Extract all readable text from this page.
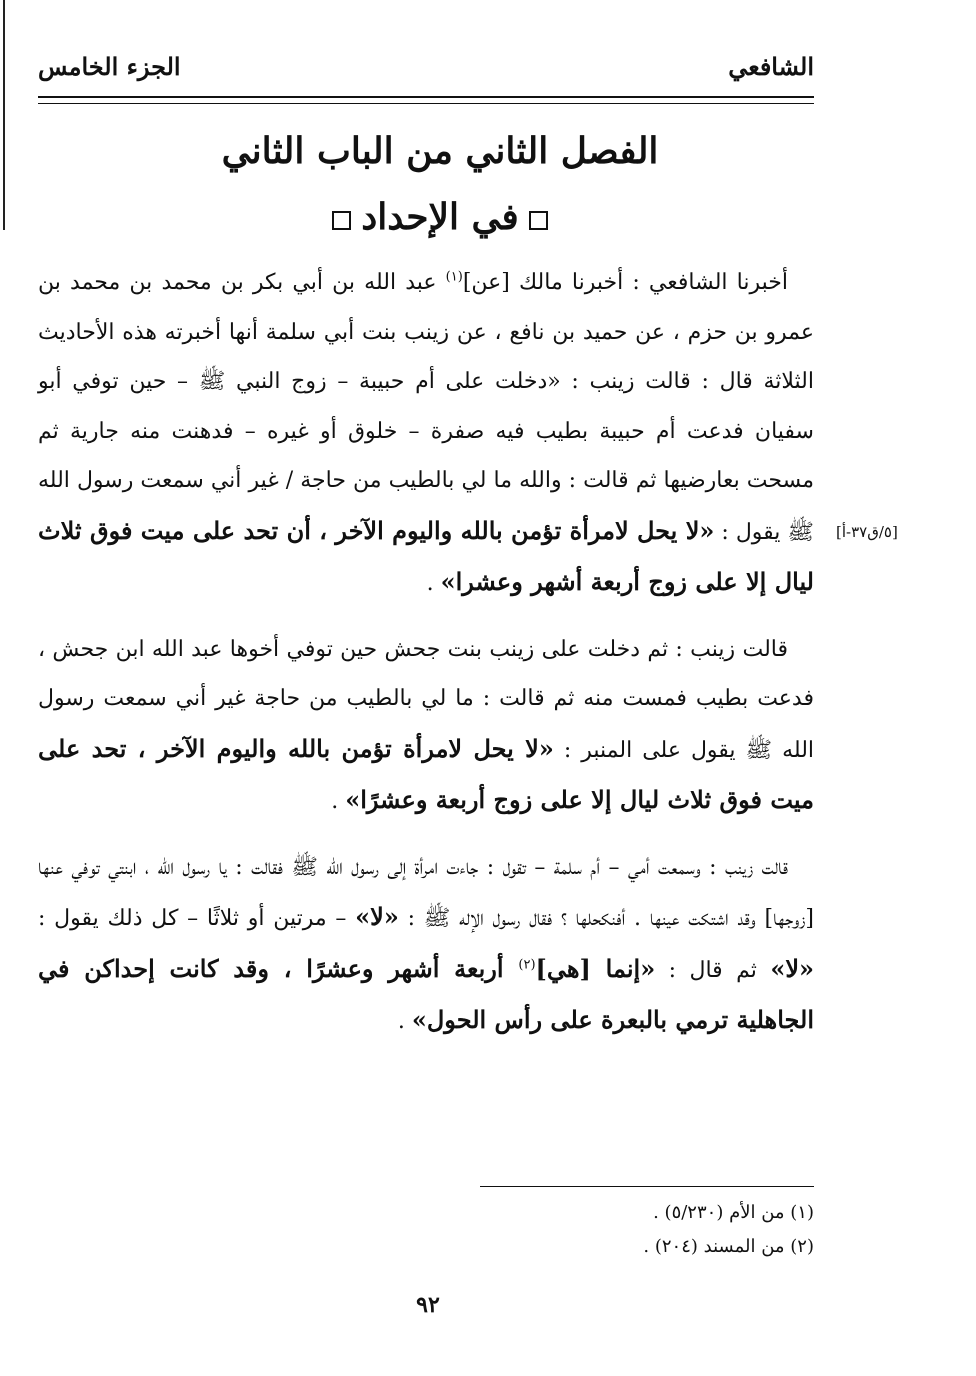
الشافعي
الجزء الخامس
الفصل الثاني من الباب الثاني
في الإحداد

أخبرنا الشافعي : أخبرنا مالك [عن]$^{(١)}$ عبد الله بن أبي بكر بن محمد بن محمد بن عمرو بن حزم ، عن حميد بن نافع ، عن زينب بنت أبي سلمة أنها أخبرته هذه الأحاديث الثلاثة قال : قالت زينب : «دخلت على أم حبيبة – زوج النبي ﷺ – حين توفي أبو سفيان فدعت أم حبيبة بطيب فيه صفرة – خلوق أو غيره – فدهنت منه جارية ثم مسحت بعارضيها ثم قالت : والله ما لي بالطيب من حاجة / غير أني سمعت رسول الله ﷺ يقول : «لا يحل لامرأة تؤمن بالله واليوم الآخر ، أن تحد على ميت فوق ثلاث ليال إلا على زوج أربعة أشهر وعشرا» .

قالت زينب : ثم دخلت على زينب بنت جحش حين توفي أخوها عبد الله ابن جحش ، فدعت بطيب فمست منه ثم قالت : ما لي بالطيب من حاجة غير أني سمعت رسول الله ﷺ يقول على المنبر : «لا يحل لامرأة تؤمن بالله واليوم الآخر ، تحد على ميت فوق ثلاث ليال إلا على زوج أربعة وعشرًا» .

قالت زينب : وسمعت أمي – أم سلمة – تقول : جاءت امرأة إلى رسول الله ﷺ فقالت : يا رسول الله ، ابنتي توفي عنها [زوجها] وقد اشتكت عينها . أفنكحلها ؟ فقال رسول الإله ﷺ : «لا» – مرتين أو ثلاثًا – كل ذلك يقول : «لا» ثم قال : «إنما [هي]$^{(٢)}$ أربعة أشهر وعشرًا ، وقد كانت إحداكن في الجاهلية ترمي بالبعرة على رأس الحول» .

[٥/ق٣٧-أ]
(١) من الأم (٥/٢٣٠) .
(٢) من المسند (٢٠٤) .
٩٢
